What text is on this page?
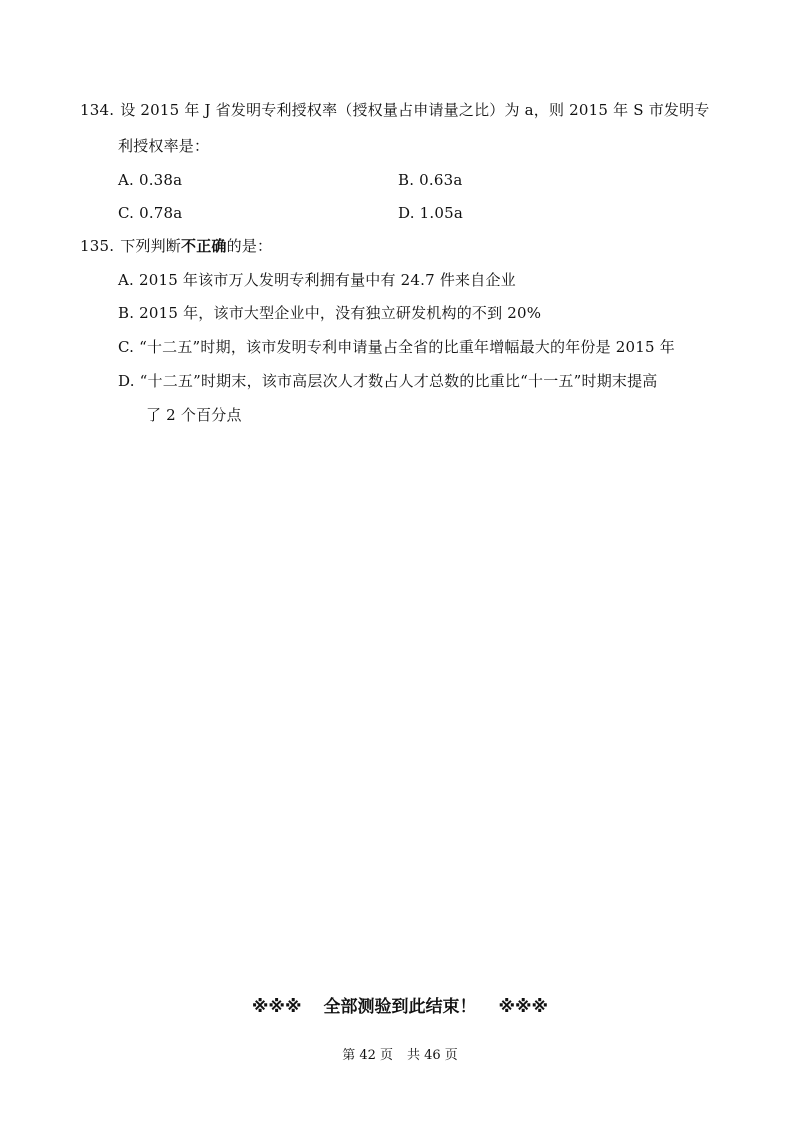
134. 设 2015 年 J 省发明专利授权率（授权量占申请量之比）为 a，则 2015 年 S 市发明专
利授权率是：
A. 0.38a	B. 0.63a
C. 0.78a	D. 1.05a
135. 下列判断不正确的是：
A. 2015 年该市万人发明专利拥有量中有 24.7 件来自企业
B. 2015 年，该市大型企业中，没有独立研发机构的不到 20%
C. “十二五”时期，该市发明专利申请量占全省的比重年增幅最大的年份是 2015 年
D. “十二五”时期末，该市高层次人才数占人才总数的比重比“十一五”时期末提高
了 2 个百分点
※※※ 全部测验到此结束！ ※※※
第 42 页 共 46 页
